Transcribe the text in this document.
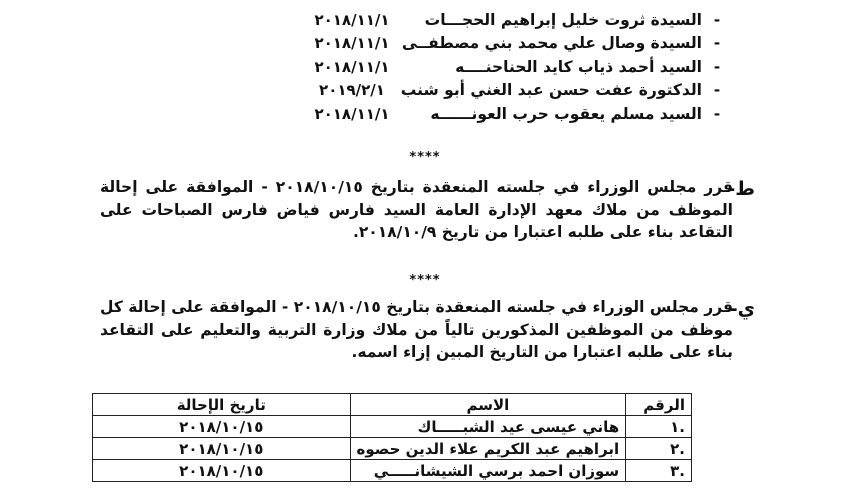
-
السيدة ثروت خليل إبراهيم الحجـــات
٢٠١٨/١١/١
-
السيدة وصال علي محمد بني مصطفــى
٢٠١٨/١١/١
-
السيد أحمد ذياب كايد الحناحنــــه
٢٠١٨/١١/١
-
الدكتورة عفت حسن عبد الغني أبو شنب
٢٠١٩/٢/١
-
السيد مسلم يعقوب حرب العونــــــه
٢٠١٨/١١/١
****
ط-
قرر مجلس الوزراء في جلسته المنعقدة بتاريخ ٢٠١٨/١٠/١٥ - الموافقة على إحالة الموظف من ملاك معهد الإدارة العامة السيد فارس فياض فارس الصباحات على التقاعد بناء على طلبه اعتبارا من تاريخ ٢٠١٨/١٠/٩.
****
ي-
قرر مجلس الوزراء في جلسته المنعقدة بتاريخ ٢٠١٨/١٠/١٥ - الموافقة على إحالة كل موظف من الموظفين المذكورين تالياً من ملاك وزارة التربية والتعليم على التقاعد بناء على طلبه اعتبارا من التاريخ المبين إزاء اسمه.
الرقم	الاسم	تاريخ الإحالة
.١	هاني عيسى عيد الشبـــــاك	٢٠١٨/١٠/١٥
.٢	ابراهيم عبد الكريم علاء الدين حصوه	٢٠١٨/١٠/١٥
.٣	سوزان احمد برسي الشيشانـــــي	٢٠١٨/١٠/١٥
